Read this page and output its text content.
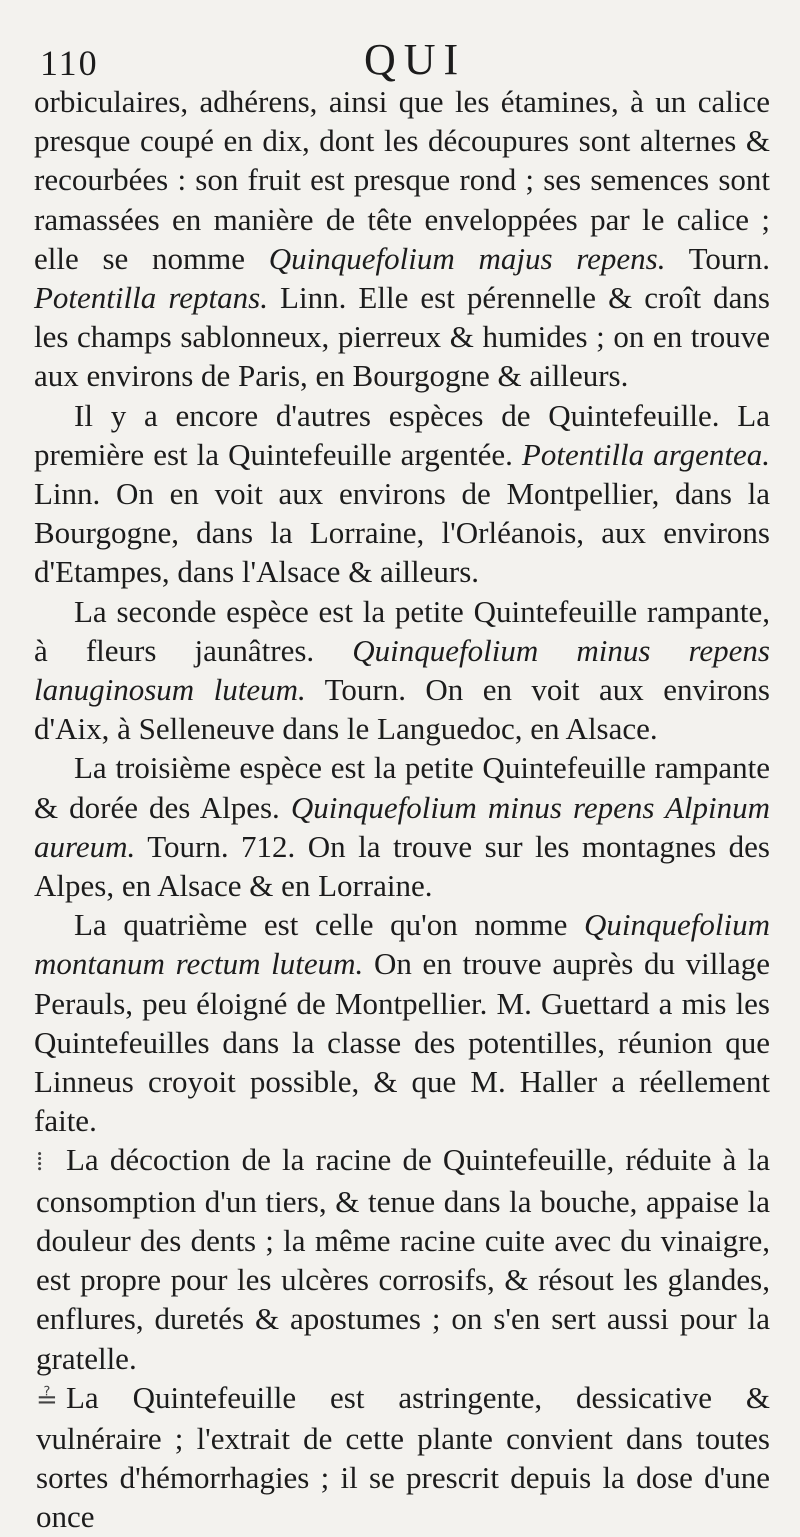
110	QUI

orbiculaires, adhérens, ainsi que les étamines, à un calice presque coupé en dix, dont les découpures sont alternes & recourbées : son fruit est presque rond ; ses semences sont ramassées en manière de tête enveloppées par le calice ; elle se nomme Quinquefolium majus repens. Tourn. Potentilla reptans. Linn. Elle est pérennelle & croît dans les champs sablonneux, pierreux & humides ; on en trouve aux environs de Paris, en Bourgogne & ailleurs.

Il y a encore d'autres espèces de Quintefeuille. La première est la Quintefeuille argentée. Potentilla argentea. Linn. On en voit aux environs de Montpellier, dans la Bourgogne, dans la Lorraine, l'Orléanois, aux environs d'Etampes, dans l'Alsace & ailleurs.

La seconde espèce est la petite Quintefeuille rampante, à fleurs jaunâtres. Quinquefolium minus repens lanuginosum luteum. Tourn. On en voit aux environs d'Aix, à Selleneuve dans le Languedoc, en Alsace.

La troisième espèce est la petite Quintefeuille rampante & dorée des Alpes. Quinquefolium minus repens Alpinum aureum. Tourn. 712. On la trouve sur les montagnes des Alpes, en Alsace & en Lorraine.

La quatrième est celle qu'on nomme Quinquefolium montanum rectum luteum. On en trouve auprès du village Perauls, peu éloigné de Montpellier. M. Guettard a mis les Quintefeuilles dans la classe des potentilles, réunion que Linneus croyoit possible, & que M. Haller a réellement faite.

⁞ La décoction de la racine de Quintefeuille, réduite à la consomption d'un tiers, & tenue dans la bouche, appaise la douleur des dents ; la même racine cuite avec du vinaigre, est propre pour les ulcères corrosifs, & résout les glandes, enflures, duretés & apostumes ; on s'en sert aussi pour la gratelle.

≟ La Quintefeuille est astringente, dessicative & vulnéraire ; l'extrait de cette plante convient dans toutes sortes d'hémorrhagies ; il se prescrit depuis la dose d'une once
